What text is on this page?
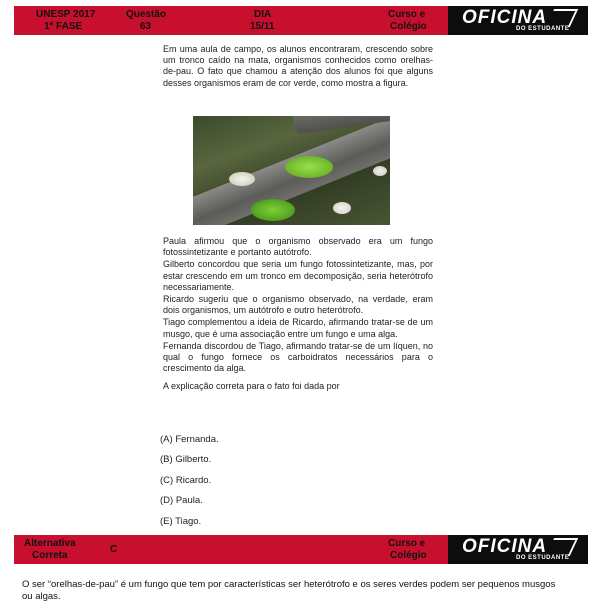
UNESP 2017
1ª FASE
Questão
63
DIA
15/11
Curso e
Colégio OFICINA
DO ESTUDANTE

Em uma aula de campo, os alunos encontraram, crescendo sobre um tronco caído na mata, organismos conhecidos como orelhas-de-pau. O fato que chamou a atenção dos alunos foi que alguns desses organismos eram de cor verde, como mostra a figura.

Paula afirmou que o organismo observado era um fungo fotossintetizante e portanto autótrofo.

Gilberto concordou que seria um fungo fotossintetizante, mas, por estar crescendo em um tronco em decomposição, seria heterótrofo necessariamente.

Ricardo sugeriu que o organismo observado, na verdade, eram dois organismos, um autótrofo e outro heterótrofo.

Tiago complementou a ideia de Ricardo, afirmando tratar-se de um musgo, que é uma associação entre um fungo e uma alga.

Fernanda discordou de Tiago, afirmando tratar-se de um líquen, no qual o fungo fornece os carboidratos necessários para o crescimento da alga.

A explicação correta para o fato foi dada por

(A) Fernanda.
(B) Gilberto.
(C) Ricardo.
(D) Paula.
(E) Tiago.
Alternativa
Correta
C
Curso e
Colégio OFICINA
DO ESTUDANTE
O ser “orelhas-de-pau” é um fungo que tem por características ser heterótrofo e os seres verdes podem ser pequenos musgos ou algas.
